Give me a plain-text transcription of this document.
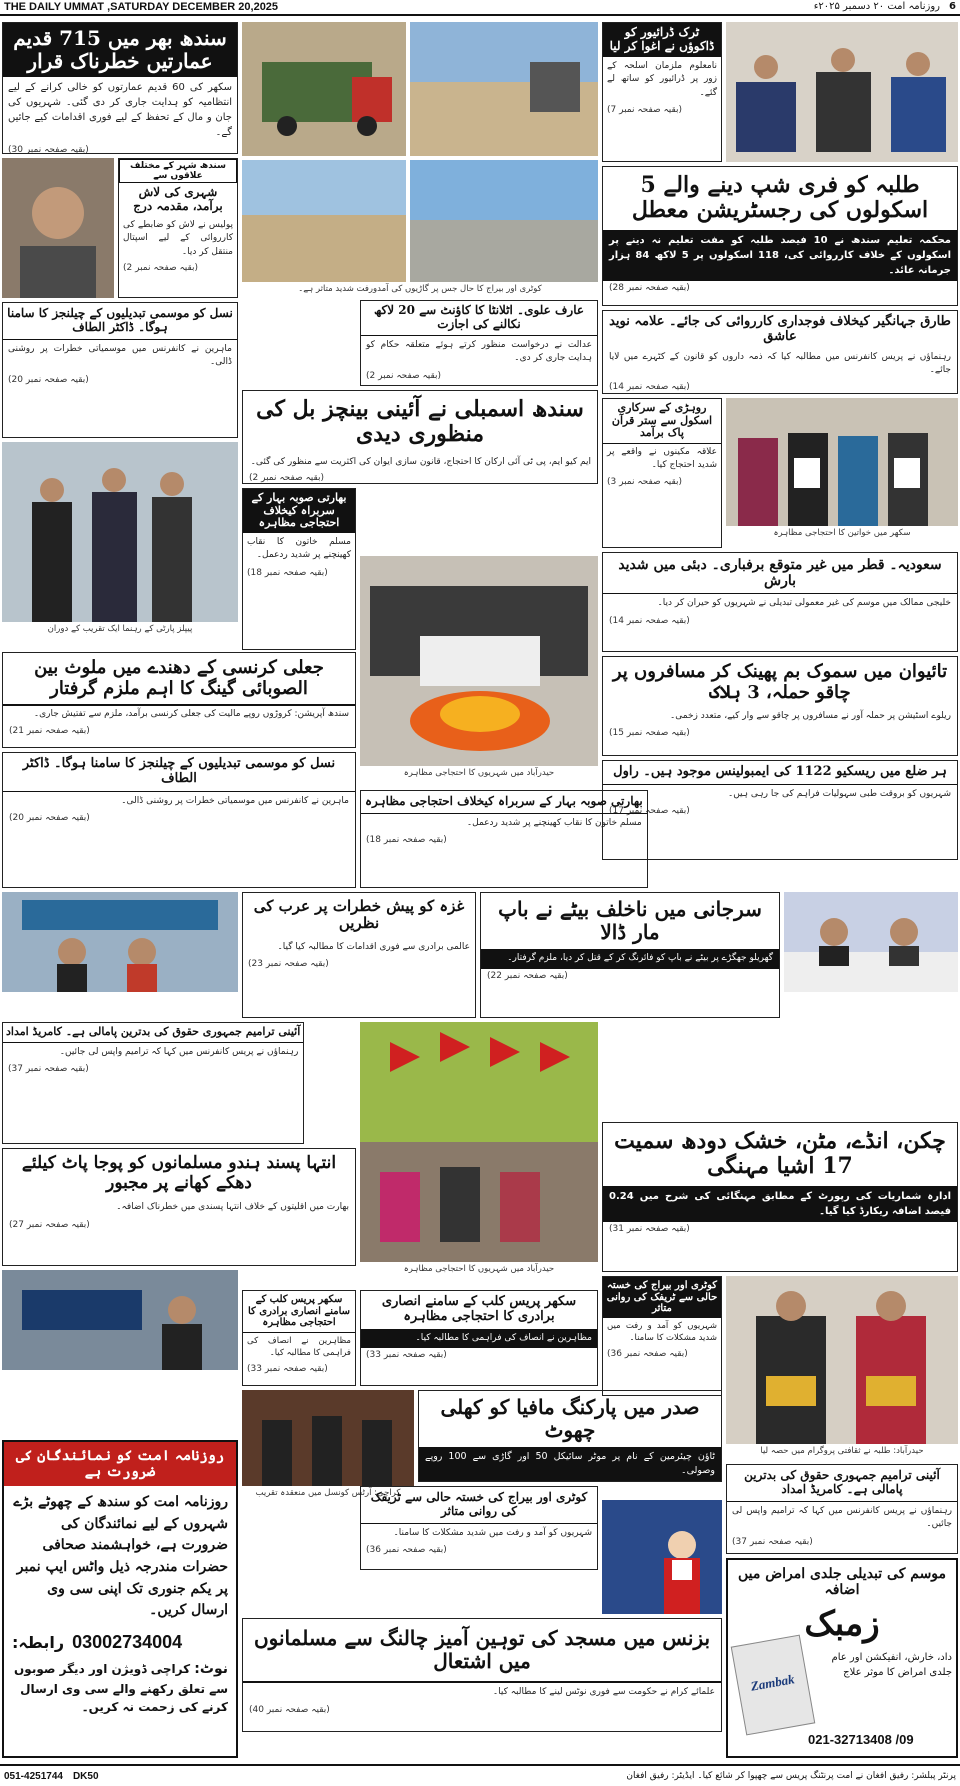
THE DAILY UMMAT ,SATURDAY DECEMBER 20,2025	روزنامہ امت ۲۰ دسمبر ۲۰۲۵ء 6
سندھ بھر میں 715 قدیم عمارتیں خطرناک قرار
سکھر کی 60 قدیم عمارتوں کو خالی کرانے کے لیے انتظامیہ کو ہدایت جاری کر دی گئی۔ شہریوں کی جان و مال کے تحفظ کے لیے فوری اقدامات کیے جائیں گے۔
(بقیہ صفحہ نمبر 30)
سندھ شہر کے مختلف علاقوں سے
شہری کی لاش برآمد، مقدمہ درج
پولیس نے لاش کو ضابطے کی کارروائی کے لیے اسپتال منتقل کر دیا۔
(بقیہ صفحہ نمبر 2)
کوٹری اور بیراج کا حال جس پر گاڑیوں کی آمدورفت شدید متاثر ہے۔
ٹرک ڈرائیور کو ڈاکوؤں نے اغوا کر لیا
نامعلوم ملزمان اسلحہ کے زور پر ڈرائیور کو ساتھ لے گئے۔
(بقیہ صفحہ نمبر 7)
طلبہ کو فری شپ دینے والے 5 اسکولوں کی رجسٹریشن معطل
محکمہ تعلیم سندھ نے 10 فیصد طلبہ کو مفت تعلیم نہ دینے پر اسکولوں کے خلاف کارروائی کی، 118 اسکولوں پر 5 لاکھ 84 ہزار جرمانہ عائد۔
(بقیہ صفحہ نمبر 28)
عارف علوی۔ اٹلانٹا کا کاؤنٹ سے 20 لاکھ نکالنے کی اجازت
عدالت نے درخواست منظور کرتے ہوئے متعلقہ حکام کو ہدایت جاری کر دی۔
(بقیہ صفحہ نمبر 2)
طارق جہانگیر کیخلاف فوجداری کارروائی کی جائے۔ علامہ نوید عاشق
رہنماؤں نے پریس کانفرنس میں مطالبہ کیا کہ ذمہ داروں کو قانون کے کٹہرے میں لایا جائے۔
(بقیہ صفحہ نمبر 14)
نسل کو موسمی تبدیلیوں کے چیلنجز کا سامنا ہوگا۔ ڈاکٹر الطاف
ماہرین نے کانفرنس میں موسمیاتی خطرات پر روشنی ڈالی۔
(بقیہ صفحہ نمبر 20)
سندھ اسمبلی نے آئینی بینچز بل کی منظوری دیدی
ایم کیو ایم، پی ٹی آئی ارکان کا احتجاج، قانون سازی ایوان کی اکثریت سے منظور کی گئی۔
(بقیہ صفحہ نمبر 2)
روہڑی کے سرکاری اسکول سے ستر قرآن پاک برآمد
علاقہ مکینوں نے واقعے پر شدید احتجاج کیا۔
(بقیہ صفحہ نمبر 3)
سکھر میں خواتین کا احتجاجی مظاہرہ
پیپلز پارٹی کے رہنما ایک تقریب کے دوران
بھارتی صوبہ بہار کے سربراہ کیخلاف احتجاجی مظاہرہ
مسلم خاتون کا نقاب کھینچنے پر شدید ردعمل۔
(بقیہ صفحہ نمبر 18)
حیدرآباد میں شہریوں کا احتجاجی مظاہرہ
سعودیہ۔ قطر میں غیر متوقع برفباری۔ دبئی میں شدید بارش
خلیجی ممالک میں موسم کی غیر معمولی تبدیلی نے شہریوں کو حیران کر دیا۔
(بقیہ صفحہ نمبر 14)
جعلی کرنسی کے دھندے میں ملوث بین الصوبائی گینگ کا اہم ملزم گرفتار
سندھ آپریشن: کروڑوں روپے مالیت کی جعلی کرنسی برآمد، ملزم سے تفتیش جاری۔
(بقیہ صفحہ نمبر 21)
تائیوان میں سموک بم پھینک کر مسافروں پر چاقو حملہ، 3 ہلاک
ریلوے اسٹیشن پر حملہ آور نے مسافروں پر چاقو سے وار کیے، متعدد زخمی۔
(بقیہ صفحہ نمبر 15)
ہر ضلع میں ریسکیو 1122 کی ایمبولینس موجود ہیں۔ راول
شہریوں کو بروقت طبی سہولیات فراہم کی جا رہی ہیں۔
(بقیہ صفحہ نمبر 17)
نسل کو موسمی تبدیلیوں کے چیلنجز کا سامنا ہوگا۔ ڈاکٹر الطاف
ماہرین نے کانفرنس میں موسمیاتی خطرات پر روشنی ڈالی۔
(بقیہ صفحہ نمبر 20)
بھارتی صوبہ بہار کے سربراہ کیخلاف احتجاجی مظاہرہ
مسلم خاتون کا نقاب کھینچنے پر شدید ردعمل۔
(بقیہ صفحہ نمبر 18)
غزہ کو پیش خطرات پر عرب کی نظریں
عالمی برادری سے فوری اقدامات کا مطالبہ کیا گیا۔
(بقیہ صفحہ نمبر 23)
سرجانی میں ناخلف بیٹے نے باپ مار ڈالا
گھریلو جھگڑے پر بیٹے نے باپ کو فائرنگ کر کے قتل کر دیا، ملزم گرفتار۔
(بقیہ صفحہ نمبر 22)
آئینی ترامیم جمہوری حقوق کی بدترین پامالی ہے۔ کامریڈ امداد
رہنماؤں نے پریس کانفرنس میں کہا کہ ترامیم واپس لی جائیں۔
(بقیہ صفحہ نمبر 37)
حیدرآباد میں شہریوں کا احتجاجی مظاہرہ
چکن، انڈے، مٹن، خشک دودھ سمیت 17 اشیا مہنگی
ادارہ شماریات کی رپورٹ کے مطابق مہنگائی کی شرح میں 0.24 فیصد اضافہ ریکارڈ کیا گیا۔
(بقیہ صفحہ نمبر 31)
انتہا پسند ہندو مسلمانوں کو پوجا پاٹ کیلئے دھکے کھانے پر مجبور
بھارت میں اقلیتوں کے خلاف انتہا پسندی میں خطرناک اضافہ۔
(بقیہ صفحہ نمبر 27)
سکھر پریس کلب کے سامنے انصاری برادری کا احتجاجی مظاہرہ
مظاہرین نے انصاف کی فراہمی کا مطالبہ کیا۔
(بقیہ صفحہ نمبر 33)
سکھر پریس کلب کے سامنے انصاری برادری کا احتجاجی مظاہرہ
مظاہرین نے انصاف کی فراہمی کا مطالبہ کیا۔
(بقیہ صفحہ نمبر 33)
حیدرآباد: طلبہ نے ثقافتی پروگرام میں حصہ لیا
کوٹری اور بیراج کی خستہ حالی سے ٹریفک کی روانی متاثر
شہریوں کو آمد و رفت میں شدید مشکلات کا سامنا۔
(بقیہ صفحہ نمبر 36)
صدر میں پارکنگ مافیا کو کھلی چھوٹ
ٹاؤن چیئرمین کے نام پر موٹر سائیکل 50 اور گاڑی سے 100 روپے وصولی۔
کراچی: آرٹس کونسل میں منعقدہ تقریب
کوٹری اور بیراج کی خستہ حالی سے ٹریفک کی روانی متاثر
شہریوں کو آمد و رفت میں شدید مشکلات کا سامنا۔
(بقیہ صفحہ نمبر 36)
آئینی ترامیم جمہوری حقوق کی بدترین پامالی ہے۔ کامریڈ امداد
رہنماؤں نے پریس کانفرنس میں کہا کہ ترامیم واپس لی جائیں۔
(بقیہ صفحہ نمبر 37)
روزنامہ امت کو نمائندگان کی ضرورت ہے
روزنامہ امت کو سندھ کے چھوٹے بڑے شہروں کے لیے نمائندگان کی ضرورت ہے، خواہشمند صحافی حضرات مندرجہ ذیل واٹس ایپ نمبر پر یکم جنوری تک اپنی سی وی ارسال کریں۔
رابطہ: 03002734004
نوٹ: کراچی ڈویژن اور دیگر صوبوں سے تعلق رکھنے والے سی وی ارسال کرنے کی زحمت نہ کریں۔
بزنس میں مسجد کی توہین آمیز چالنگ سے مسلمانوں میں اشتعال
علمائے کرام نے حکومت سے فوری نوٹس لینے کا مطالبہ کیا۔
(بقیہ صفحہ نمبر 40)
موسم کی تبدیلی جلدی امراض میں اضافہ
زمبک
Zambak
داد، خارش، انفیکشن اور عام جلدی امراض کا موثر علاج
021-32713408 /09
051-4251744 DK50	پرنٹر پبلشر: رفیق افغان نے امت پرنٹنگ پریس سے چھپوا کر شائع کیا۔ ایڈیٹر: رفیق افغان
